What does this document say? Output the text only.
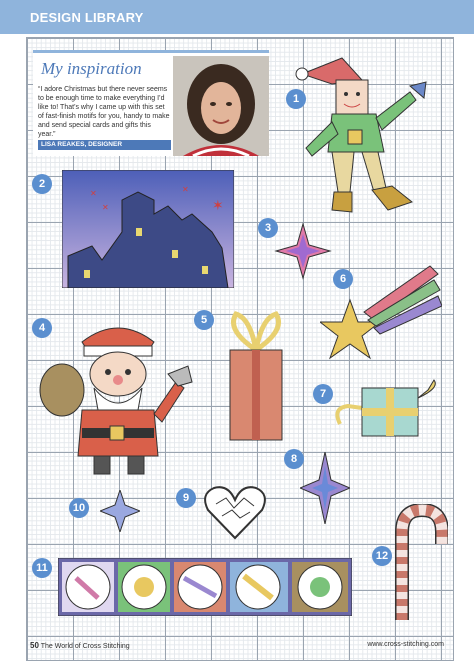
DESIGN LIBRARY
My inspiration
“I adore Christmas but there never seems to be enough time to make everything I’d like to! That’s why I came up with this set of fast-finish motifs for you, handy to make and send special cards and gifts this year.”
LISA REAKES, DESIGNER
1
✶
✕
✕
✕
2
3
4
5
6
7
8
9
10
11
12
50 The World of Cross Stitching	www.cross-stitching.com
